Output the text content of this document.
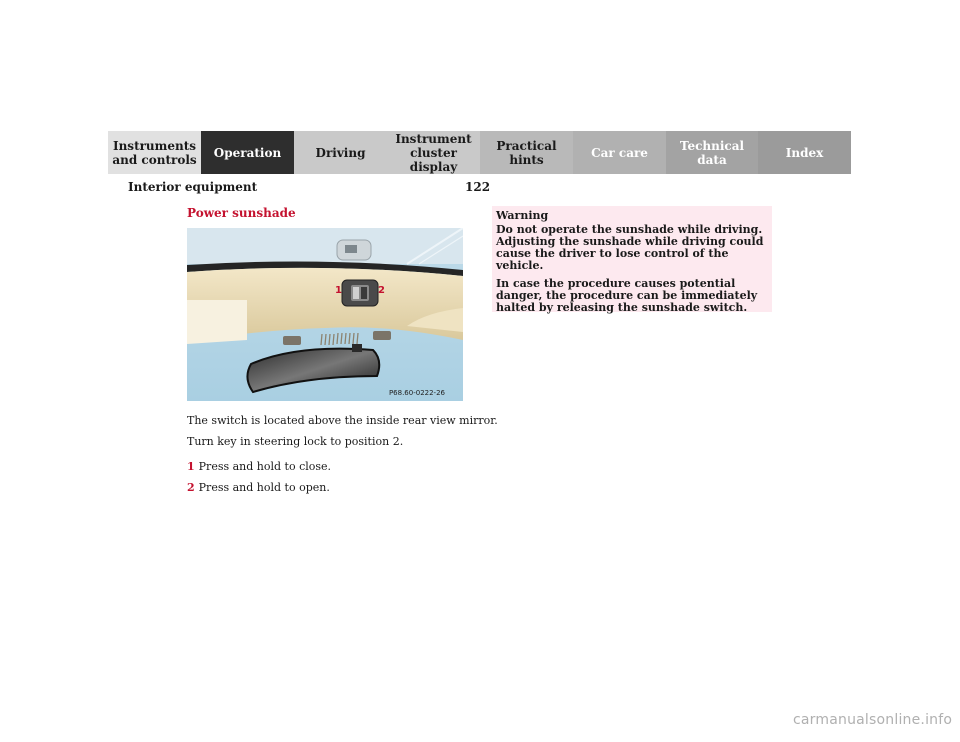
Instruments
and controls Operation	Driving
Instrument
cluster display
Practical hints	Car care	Technical
data	Index
Interior equipment	122
Power sunshade
1	2
P68.60-0222-26
The switch is located above the inside rear view mirror.
Turn key in steering lock to position 2.
1 Press and hold to close.
2 Press and hold to open.

Warning

Do not operate the sunshade while driving. Adjusting the sunshade while driving could cause the driver to lose control of the vehicle.

In case the procedure causes potential danger, the procedure can be immediately halted by releasing the sunshade switch.

carmanualsonline.info
